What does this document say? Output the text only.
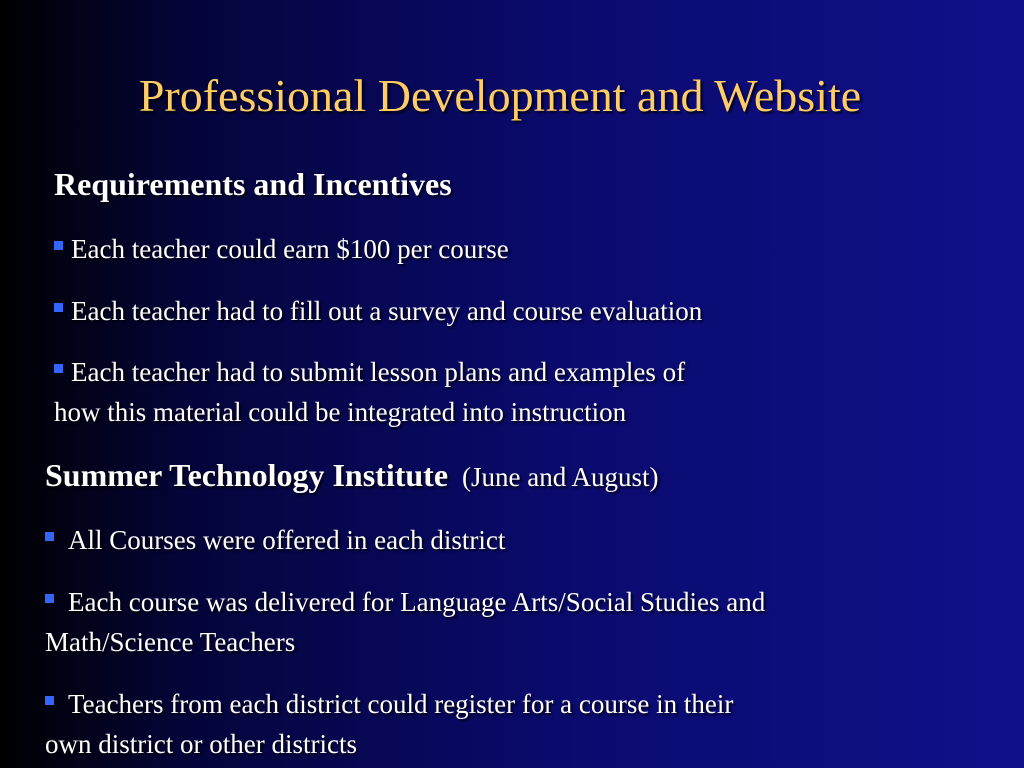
Professional Development and Website
Requirements and Incentives
Each teacher could earn $100 per course
Each teacher had to fill out a survey and course evaluation
Each teacher had to submit lesson plans and examples of
how this material could be integrated into instruction
Summer Technology Institute (June and August)
All Courses were offered in each district
Each course was delivered for Language Arts/Social Studies and
Math/Science Teachers
Teachers from each district could register for a course in their
own district or other districts
